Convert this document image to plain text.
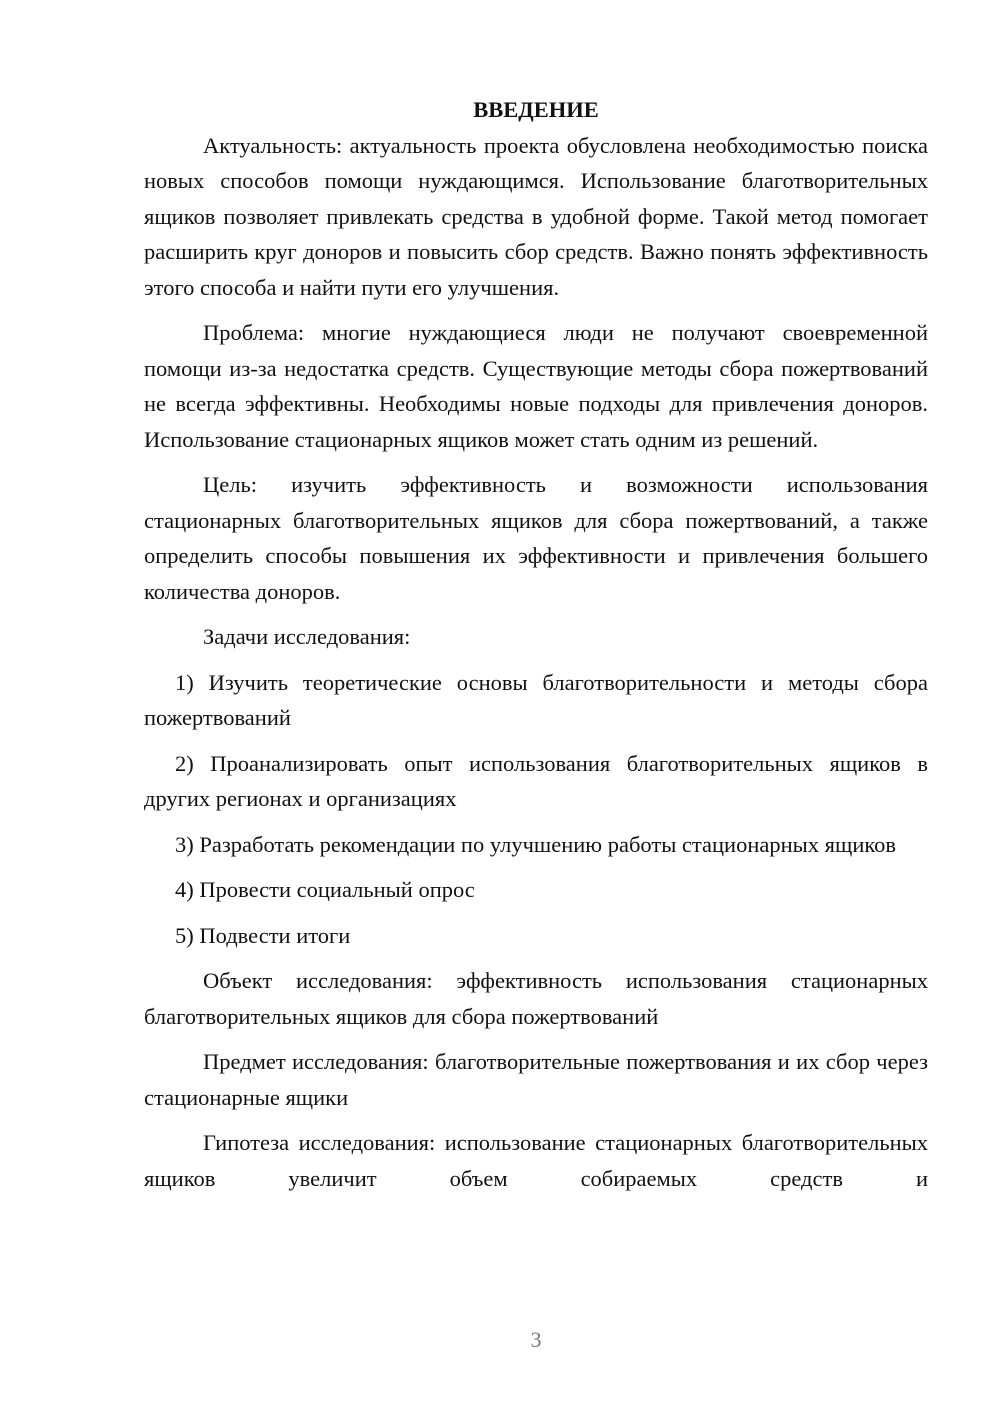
ВВЕДЕНИЕ

Актуальность: актуальность проекта обусловлена необходимостью поиска новых способов помощи нуждающимся. Использование благотворительных ящиков позволяет привлекать средства в удобной форме. Такой метод помогает расширить круг доноров и повысить сбор средств. Важно понять эффективность этого способа и найти пути его улучшения.

Проблема: многие нуждающиеся люди не получают своевременной помощи из-за недостатка средств. Существующие методы сбора пожертвований не всегда эффективны. Необходимы новые подходы для привлечения доноров. Использование стационарных ящиков может стать одним из решений.

Цель: изучить эффективность и возможности использования стационарных благотворительных ящиков для сбора пожертвований, а также определить способы повышения их эффективности и привлечения большего количества доноров.

Задачи исследования:

1) Изучить теоретические основы благотворительности и методы сбора пожертвований

2) Проанализировать опыт использования благотворительных ящиков в других регионах и организациях

3) Разработать рекомендации по улучшению работы стационарных ящиков

4) Провести социальный опрос

5) Подвести итоги

Объект исследования: эффективность использования стационарных благотворительных ящиков для сбора пожертвований

Предмет исследования: благотворительные пожертвования и их сбор через стационарные ящики

Гипотеза исследования: использование стационарных благотворительных ящиков увеличит объем собираемых средств и

3
